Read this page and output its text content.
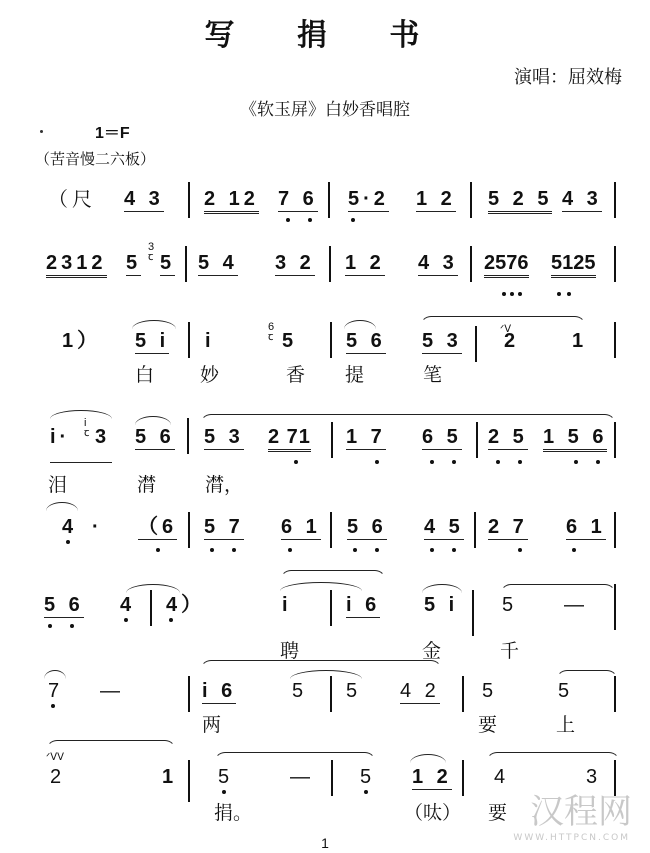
写 捐 书
演唱：屈效梅
《软玉屏》白妙香唱腔
1＝F
（苦音慢二六板）
（尺 4 3 2 12 7 6 5·2 1 2 5 2 5 4 3
2312 5
3
ꞇ 5 5 4 3 2 1 2 4 3 2576 5125
1） 5 i i
6
ꞇ 5 5 6 5 3
ᐟᐯ
2	1
白 妙	香 提	笔
i·
i
ꞇ 3 5 6 5 3 2 71 1 7 6 5 2 5 1 5 6
泪	潸	潸，
4 · （6 5 7 6 1 5 6 4 5 2 7 6 1
5 6 4 4）	i	i 6 5 i 5 —
聘	金	千
7 —	i 6	5 5 4 2 5	5
两	要	上
ᐟᐯᐯ
2	1 5	— 5 1 2 4	3
捐。	（呔） 要 汉程网
WWW.HTTPCN.COM
1
